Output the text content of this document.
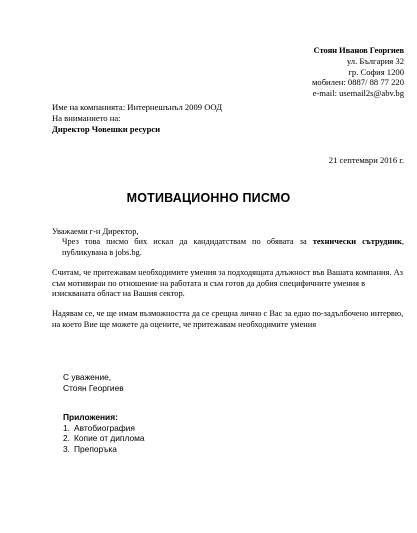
Стоян Иванов Георгиев
ул. България 32
гр. София 1200
мобилен: 0887/ 88 77 220
e-mail: usemail2s@abv.bg
Име на компанията: Интернешънъл 2009 ООД
На вниманието на:
Директор Човешки ресурси
21 септември 2016 г.
МОТИВАЦИОННО ПИСМО

Уважаеми г-н Директор,

Чрез това писмо бих искал да кандидатствам по обявата за технически сътрудник, публикувана в jobs.bg.

Считам, че притежавам необходимите умения за подходящата длъжност във Вашата компания. Аз съм мотивиран по отношение на работата и съм готов да добия специфичните умения в изискваната област на Вашия сектор.

Надявам се, че ще имам възможността да се срещна лично с Вас за едно по-задълбочено интервю, на което Вие ще можете да оцените, че притежавам необходимите умения

С уважение,
Стоян Георгиев
Приложения:
1. Автобиография
2. Копие от диплома
3. Препоръка
